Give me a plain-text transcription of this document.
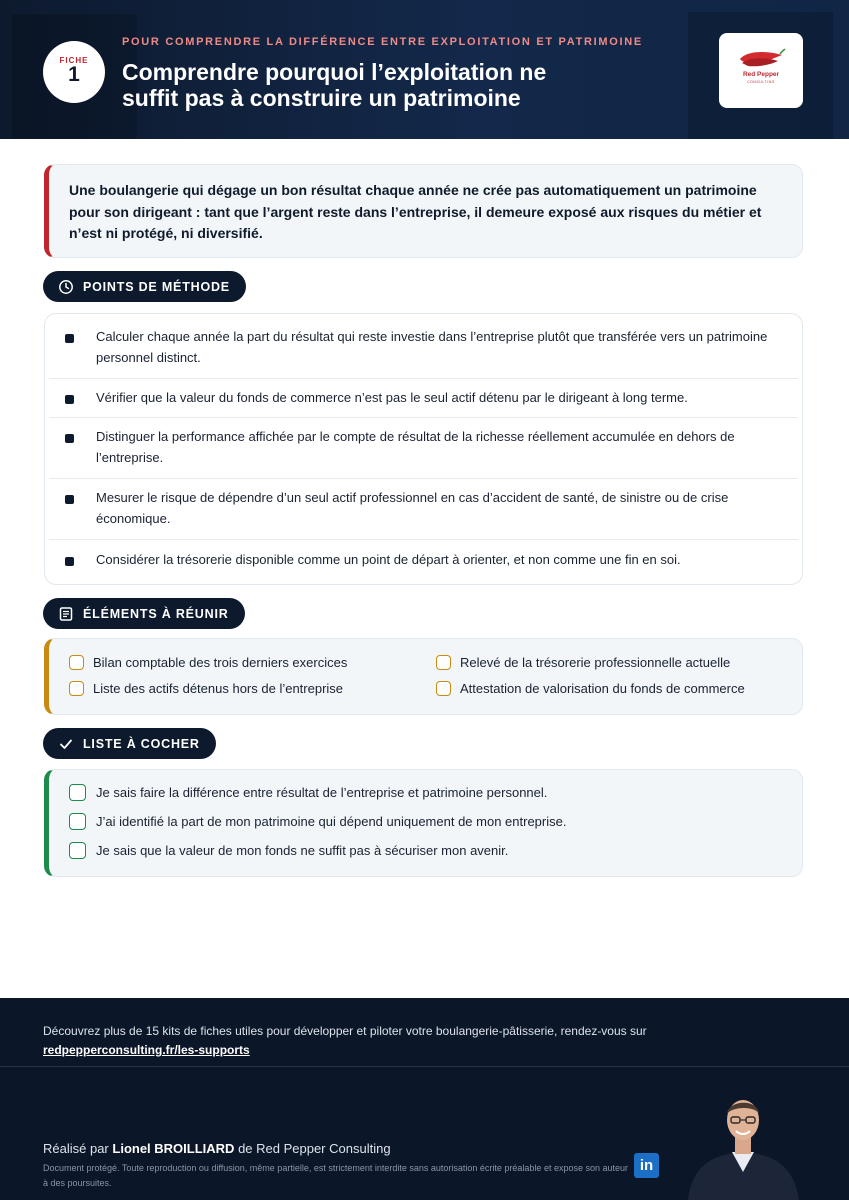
FICHE
1
POUR COMPRENDRE LA DIFFÉRENCE ENTRE EXPLOITATION ET PATRIMOINE
Comprendre pourquoi l’exploitation ne
suffit pas à construire un patrimoine
Red Pepper
CONSULTING

Une boulangerie qui dégage un bon résultat chaque année ne crée pas automatiquement un patrimoine pour son dirigeant : tant que l’argent reste dans l’entreprise, il demeure exposé aux risques du métier et n’est ni protégé, ni diversifié.

POINTS DE MÉTHODE
Calculer chaque année la part du résultat qui reste investie dans l’entreprise plutôt que transférée vers un patrimoine personnel distinct.
Vérifier que la valeur du fonds de commerce n’est pas le seul actif détenu par le dirigeant à long terme.
Distinguer la performance affichée par le compte de résultat de la richesse réellement accumulée en dehors de l’entreprise.
Mesurer le risque de dépendre d’un seul actif professionnel en cas d’accident de santé, de sinistre ou de crise économique.
Considérer la trésorerie disponible comme un point de départ à orienter, et non comme une fin en soi.
ÉLÉMENTS À RÉUNIR
Bilan comptable des trois derniers exercices	Relevé de la trésorerie professionnelle actuelle
Liste des actifs détenus hors de l’entreprise	Attestation de valorisation du fonds de commerce
LISTE À COCHER
Je sais faire la différence entre résultat de l’entreprise et patrimoine personnel.
J’ai identifié la part de mon patrimoine qui dépend uniquement de mon entreprise.
Je sais que la valeur de mon fonds ne suffit pas à sécuriser mon avenir.
Découvrez plus de 15 kits de fiches utiles pour développer et piloter votre boulangerie-pâtisserie, rendez-vous sur
redpepperconsulting.fr/les-supports
Réalisé par Lionel BROILLIARD de Red Pepper Consulting
Document protégé. Toute reproduction ou diffusion, même partielle, est strictement interdite sans autorisation écrite préalable et expose son auteur à des poursuites.
in
